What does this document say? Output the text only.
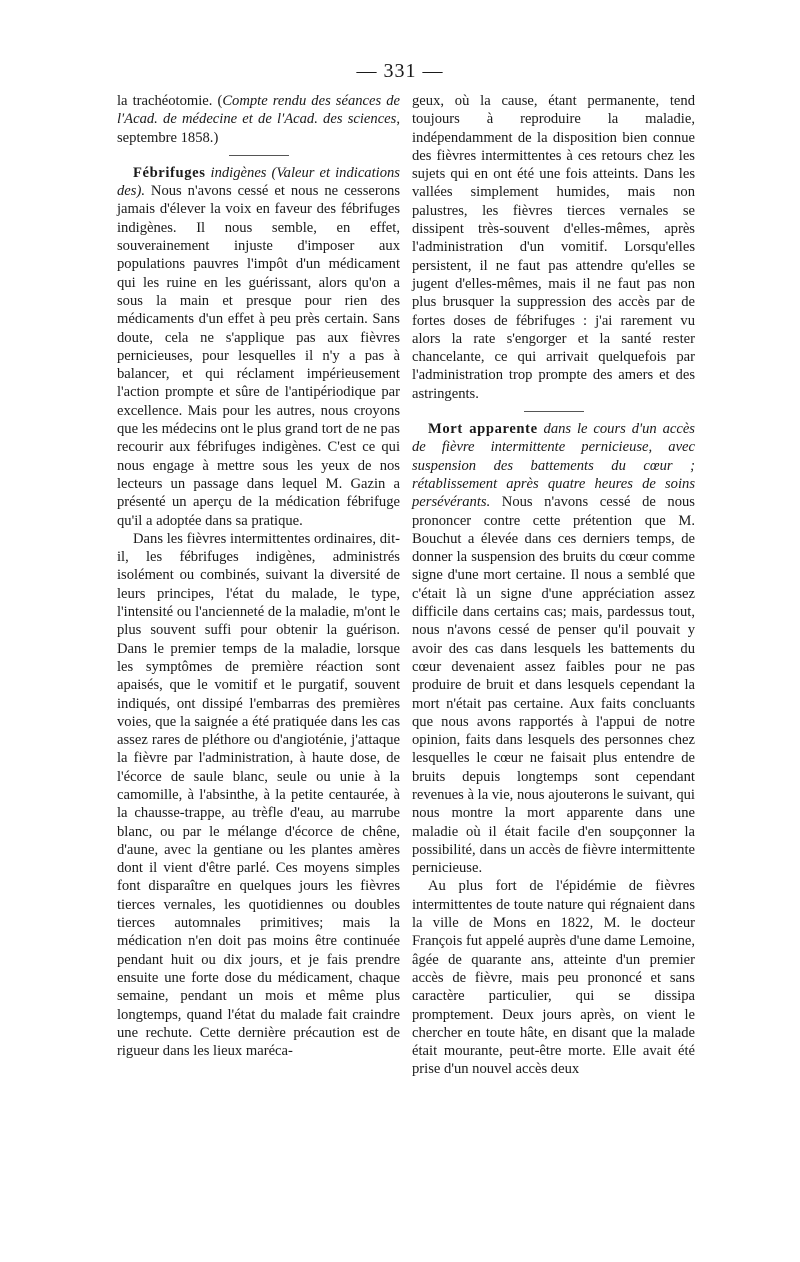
— 331 —

la trachéotomie. (Compte rendu des séances de l'Acad. de médecine et de l'Acad. des sciences, septembre 1858.)

Fébrifuges indigènes (Valeur et indications des). Nous n'avons cessé et nous ne cesserons jamais d'élever la voix en faveur des fébrifuges indigènes. Il nous semble, en effet, souverainement injuste d'imposer aux populations pauvres l'impôt d'un médicament qui les ruine en les guérissant, alors qu'on a sous la main et presque pour rien des médicaments d'un effet à peu près certain. Sans doute, cela ne s'applique pas aux fièvres pernicieuses, pour lesquelles il n'y a pas à balancer, et qui réclament impérieusement l'action prompte et sûre de l'antipériodique par excellence. Mais pour les autres, nous croyons que les médecins ont le plus grand tort de ne pas recourir aux fébrifuges indigènes. C'est ce qui nous engage à mettre sous les yeux de nos lecteurs un passage dans lequel M. Gazin a présenté un aperçu de la médication fébrifuge qu'il a adoptée dans sa pratique.

Dans les fièvres intermittentes ordinaires, dit-il, les fébrifuges indigènes, administrés isolément ou combinés, suivant la diversité de leurs principes, l'état du malade, le type, l'intensité ou l'ancienneté de la maladie, m'ont le plus souvent suffi pour obtenir la guérison. Dans le premier temps de la maladie, lorsque les symptômes de première réaction sont apaisés, que le vomitif et le purgatif, souvent indiqués, ont dissipé l'embarras des premières voies, que la saignée a été pratiquée dans les cas assez rares de pléthore ou d'angioténie, j'attaque la fièvre par l'administration, à haute dose, de l'écorce de saule blanc, seule ou unie à la camomille, à l'absinthe, à la petite centaurée, à la chausse-trappe, au trèfle d'eau, au marrube blanc, ou par le mélange d'écorce de chêne, d'aune, avec la gentiane ou les plantes amères dont il vient d'être parlé. Ces moyens simples font disparaître en quelques jours les fièvres tierces vernales, les quotidiennes ou doubles tierces automnales primitives; mais la médication n'en doit pas moins être continuée pendant huit ou dix jours, et je fais prendre ensuite une forte dose du médicament, chaque semaine, pendant un mois et même plus longtemps, quand l'état du malade fait craindre une rechute. Cette dernière précaution est de rigueur dans les lieux maréca-

geux, où la cause, étant permanente, tend toujours à reproduire la maladie, indépendamment de la disposition bien connue des fièvres intermittentes à ces retours chez les sujets qui en ont été une fois atteints. Dans les vallées simplement humides, mais non palustres, les fièvres tierces vernales se dissipent très-souvent d'elles-mêmes, après l'administration d'un vomitif. Lorsqu'elles persistent, il ne faut pas attendre qu'elles se jugent d'elles-mêmes, mais il ne faut pas non plus brusquer la suppression des accès par de fortes doses de fébrifuges : j'ai rarement vu alors la rate s'engorger et la santé rester chancelante, ce qui arrivait quelquefois par l'administration trop prompte des amers et des astringents.

Mort apparente dans le cours d'un accès de fièvre intermittente pernicieuse, avec suspension des battements du cœur ; rétablissement après quatre heures de soins persévérants. Nous n'avons cessé de nous prononcer contre cette prétention que M. Bouchut a élevée dans ces derniers temps, de donner la suspension des bruits du cœur comme signe d'une mort certaine. Il nous a semblé que c'était là un signe d'une appréciation assez difficile dans certains cas; mais, pardessus tout, nous n'avons cessé de penser qu'il pouvait y avoir des cas dans lesquels les battements du cœur devenaient assez faibles pour ne pas produire de bruit et dans lesquels cependant la mort n'était pas certaine. Aux faits concluants que nous avons rapportés à l'appui de notre opinion, faits dans lesquels des personnes chez lesquelles le cœur ne faisait plus entendre de bruits depuis longtemps sont cependant revenues à la vie, nous ajouterons le suivant, qui nous montre la mort apparente dans une maladie où il était facile d'en soupçonner la possibilité, dans un accès de fièvre intermittente pernicieuse.

Au plus fort de l'épidémie de fièvres intermittentes de toute nature qui régnaient dans la ville de Mons en 1822, M. le docteur François fut appelé auprès d'une dame Lemoine, âgée de quarante ans, atteinte d'un premier accès de fièvre, mais peu prononcé et sans caractère particulier, qui se dissipa promptement. Deux jours après, on vient le chercher en toute hâte, en disant que la malade était mourante, peut-être morte. Elle avait été prise d'un nouvel accès deux
